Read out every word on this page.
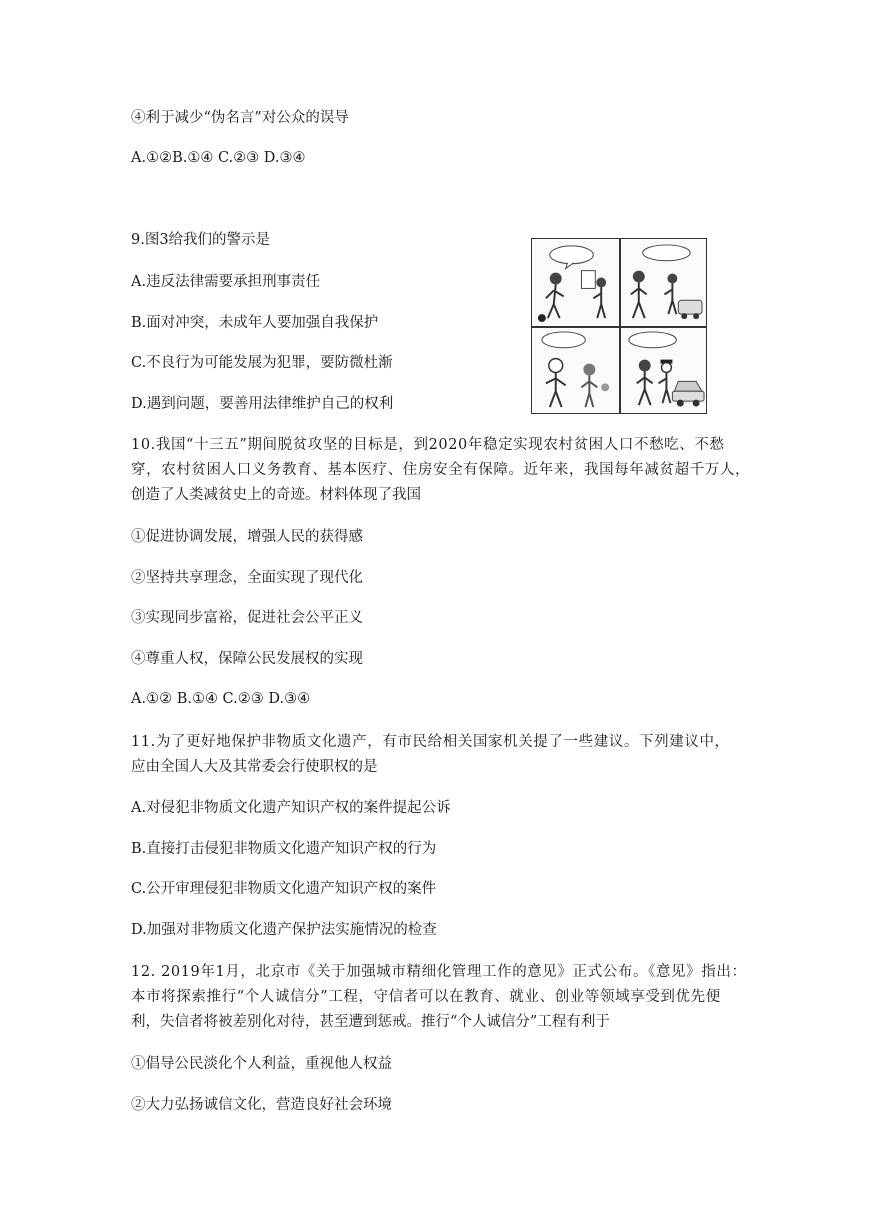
④利于减少“伪名言”对公众的误导
A.①②B.①④ C.②③ D.③④
9.图3给我们的警示是
A.违反法律需要承担刑事责任
B.面对冲突，未成年人要加强自我保护
C.不良行为可能发展为犯罪，要防微杜渐
D.遇到问题，要善用法律维护自己的权利
10.我国“十三五”期间脱贫攻坚的目标是，到2020年稳定实现农村贫困人口不愁吃、不愁
穿，农村贫困人口义务教育、基本医疗、住房安全有保障。近年来，我国每年减贫超千万人，
创造了人类减贫史上的奇迹。材料体现了我国
①促进协调发展，增强人民的获得感
②坚持共享理念，全面实现了现代化
③实现同步富裕，促进社会公平正义
④尊重人权，保障公民发展权的实现
A.①② B.①④ C.②③ D.③④
11.为了更好地保护非物质文化遗产，有市民给相关国家机关提了一些建议。下列建议中，
应由全国人大及其常委会行使职权的是
A.对侵犯非物质文化遗产知识产权的案件提起公诉
B.直接打击侵犯非物质文化遗产知识产权的行为
C.公开审理侵犯非物质文化遗产知识产权的案件
D.加强对非物质文化遗产保护法实施情况的检查
12. 2019年1月，北京市《关于加强城市精细化管理工作的意见》正式公布。《意见》指出：
本市将探索推行“个人诚信分”工程，守信者可以在教育、就业、创业等领域享受到优先便
利，失信者将被差别化对待，甚至遭到惩戒。推行“个人诚信分”工程有利于
①倡导公民淡化个人利益，重视他人权益
②大力弘扬诚信文化，营造良好社会环境
